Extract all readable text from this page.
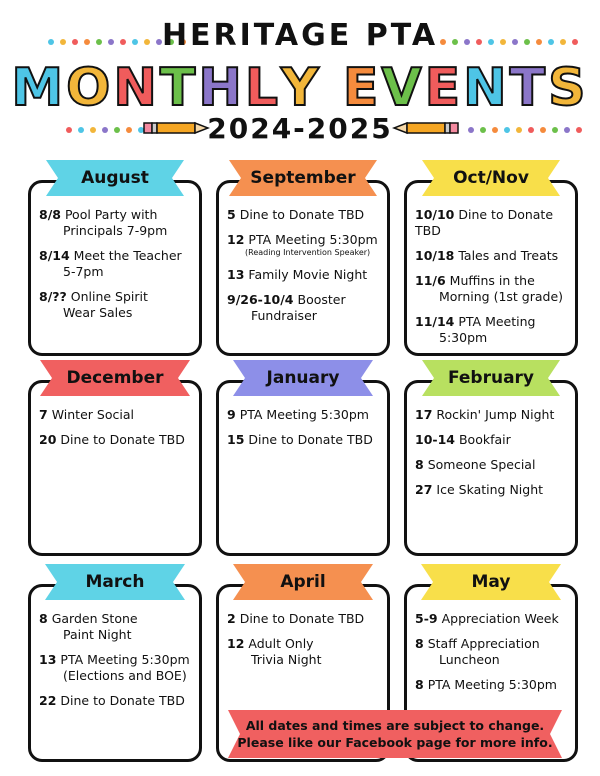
HERITAGE PTA
MONTHLY EVENTS
2024-2025
8/8 Pool Party with
Principals 7-9pm
8/14 Meet the Teacher
5-7pm
8/?? Online Spirit
Wear Sales
August
5 Dine to Donate TBD
12 PTA Meeting 5:30pm
(Reading Intervention Speaker)
13 Family Movie Night
9/26-10/4 Booster
Fundraiser
September
10/10 Dine to Donate TBD
10/18 Tales and Treats
11/6 Muffins in the
Morning (1st grade)
11/14 PTA Meeting
5:30pm
Oct/Nov
7 Winter Social
20 Dine to Donate TBD
December
9 PTA Meeting 5:30pm
15 Dine to Donate TBD
January
17 Rockin' Jump Night
10-14 Bookfair
8 Someone Special
27 Ice Skating Night
February
8 Garden Stone
Paint Night
13 PTA Meeting 5:30pm
(Elections and BOE)
22 Dine to Donate TBD
March
2 Dine to Donate TBD
12 Adult Only
Trivia Night
April
5-9 Appreciation Week
8 Staff Appreciation
Luncheon
8 PTA Meeting 5:30pm
May
All dates and times are subject to change.
Please like our Facebook page for more info.
